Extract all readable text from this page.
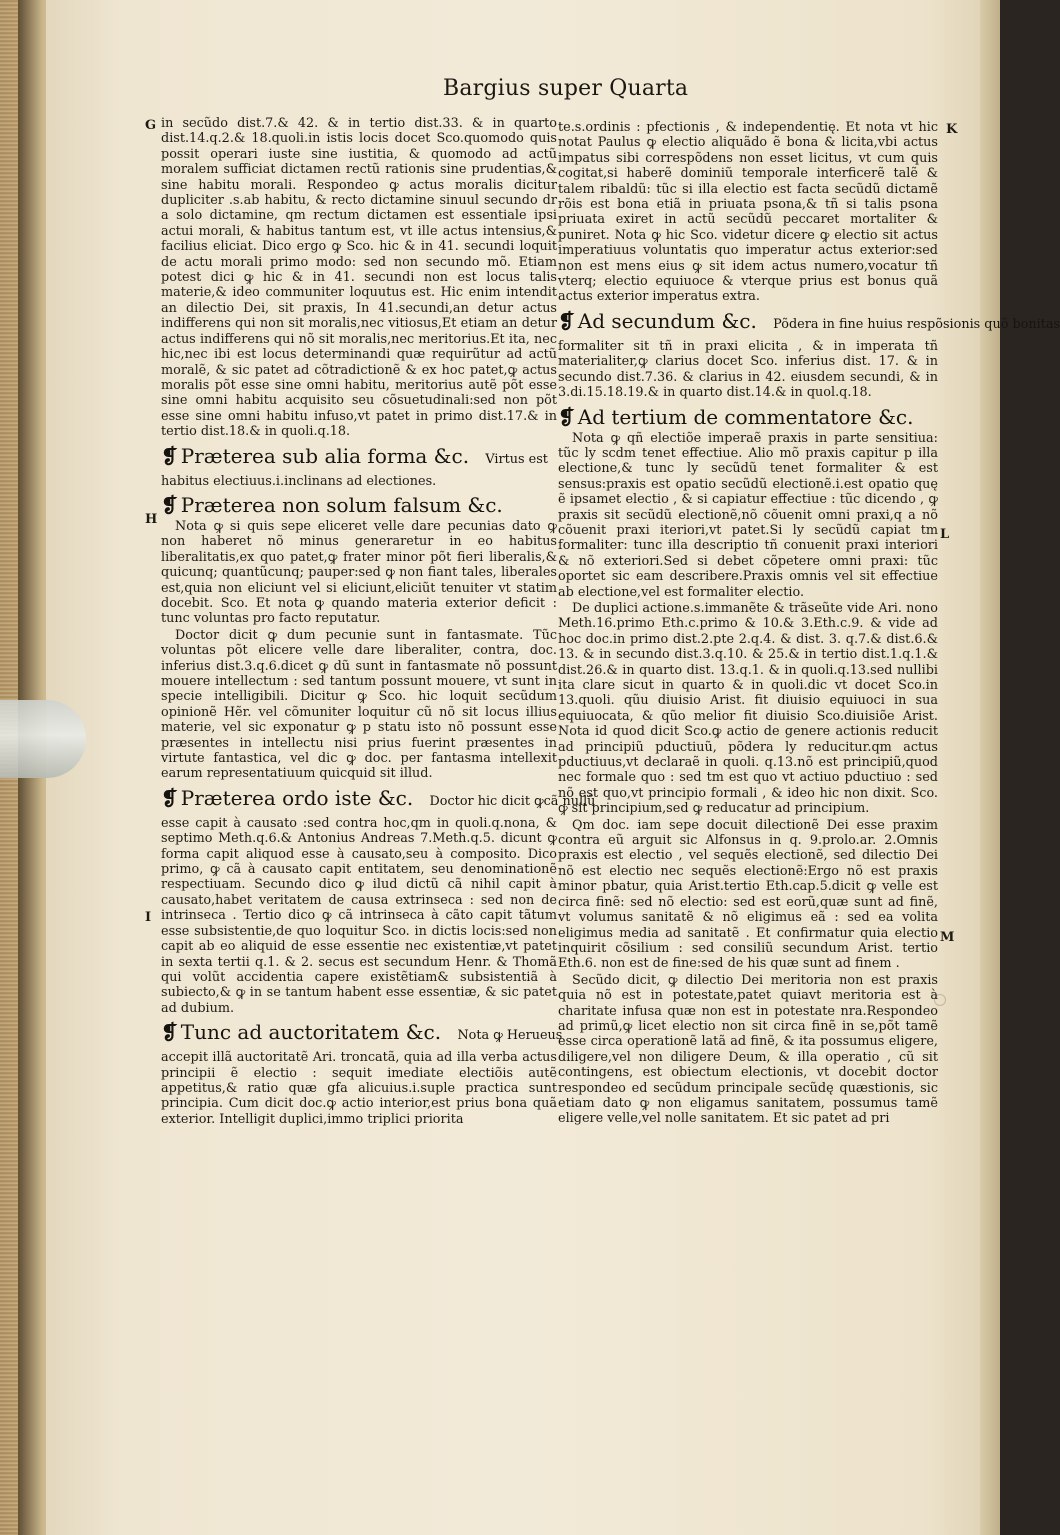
Bargius super Quarta
G
H
I
K
L
M

in secũdo dist.7.& 42. & in tertio dist.33. & in quarto dist.14.q.2.& 18.quoli.in istis locis docet Sco.quomodo quis possit operari iuste sine iustitia, & quomodo ad actũ moralem sufficiat dictamen rectũ rationis sine prudentias,& sine habitu morali. Respondeo ꝙ actus moralis dicitur dupliciter .s.ab habitu, & recto dictamine sinuul secundo dr a solo dictamine, qm rectum dictamen est essentiale ipsi actui morali, & habitus tantum est, vt ille actus intensius,& facilius eliciat. Dico ergo ꝙ Sco. hic & in 41. secundi loquit de actu morali primo modo: sed non secundo mõ. Etiam potest dici ꝙ hic & in 41. secundi non est locus talis materie,& ideo communiter loquutus est. Hic enim intendit an dilectio Dei, sit praxis, In 41.secundi,an detur actus indifferens qui non sit moralis,nec vitiosus,Et etiam an detur actus indifferens qui nõ sit moralis,nec meritorius.Et ita, nec hic,nec ibi est locus determinandi quæ requirũtur ad actũ moralẽ, & sic patet ad cõtradictionẽ & ex hoc patet,ꝙ actus moralis põt esse sine omni habitu, meritorius autẽ põt esse sine omni habitu acquisito seu cõsuetudinali:sed non põt esse sine omni habitu infuso,vt patet in primo dist.17.& in tertio dist.18.& in quoli.q.18.

❡ Præterea sub alia forma &c. Virtus est

habitus electiuus.i.inclinans ad electiones.

❡ Præterea non solum falsum &c.

Nota ꝙ si quis sepe eliceret velle dare pecunias dato ꝙ non haberet nõ minus generaretur in eo habitus liberalitatis,ex quo patet,ꝙ frater minor põt fieri liberalis,& quicunq; quantũcunq; pauper:sed ꝙ non fiant tales, liberales est,quia non eliciunt vel si eliciunt,eliciũt tenuiter vt statim docebit. Sco. Et nota ꝙ quando materia exterior deficit : tunc voluntas pro facto reputatur.

Doctor dicit ꝙ dum pecunie sunt in fantasmate. Tũc voluntas põt elicere velle dare liberaliter, contra, doc. inferius dist.3.q.6.dicet ꝙ dũ sunt in fantasmate nõ possunt mouere intellectum : sed tantum possunt mouere, vt sunt in specie intelligibili. Dicitur ꝙ Sco. hic loquit secũdum opinionẽ Hẽr. vel cõmuniter loquitur cũ nõ sit locus illius materie, vel sic exponatur ꝙ p statu isto nõ possunt esse præsentes in intellectu nisi prius fuerint præsentes in virtute fantastica, vel dic ꝙ doc. per fantasma intellexit earum representatiuum quicquid sit illud.

❡ Præterea ordo iste &c. Doctor hic dicit ꝙcã nullũ

esse capit à causato :sed contra hoc,qm in quoli.q.nona, & septimo Meth.q.6.& Antonius Andreas 7.Meth.q.5. dicunt ꝙ forma capit aliquod esse à causato,seu à composito. Dico primo, ꝙ cã à causato capit entitatem, seu denominationẽ respectiuam. Secundo dico ꝙ ilud dictũ cã nihil capit à causato,habet veritatem de causa extrinseca : sed non de intrinseca . Tertio dico ꝙ cã intrinseca à cãto capit tãtum esse subsistentie,de quo loquitur Sco. in dictis locis:sed non capit ab eo aliquid de esse essentie nec existentiæ,vt patet in sexta tertii q.1. & 2. secus est secundum Henr. & Thomã qui volũt accidentia capere existẽtiam& subsistentiã à subiecto,& ꝙ in se tantum habent esse essentiæ, & sic patet ad dubium.

❡ Tunc ad auctoritatem &c. Nota ꝙ Herueus

accepit illã auctoritatẽ Ari. troncatã, quia ad illa verba actus principii ẽ electio : sequit imediate electiõis autẽ appetitus,& ratio quæ gfa alicuius.i.suple practica sunt principia. Cum dicit doc.ꝙ actio interior,est prius bona quã exterior. Intelligit duplici,immo triplici priorita

te.s.ordinis : pfectionis , & independentię. Et nota vt hic notat Paulus ꝙ electio aliquãdo ẽ bona & licita,vbi actus impatus sibi correspõdens non esset licitus, vt cum quis cogitat,si haberẽ dominiũ temporale interficerẽ talẽ & talem ribaldũ: tũc si illa electio est facta secũdũ dictamẽ rõis est bona etiã in priuata psona,& tñ si talis psona priuata exiret in actũ secũdũ peccaret mortaliter & puniret. Nota ꝙ hic Sco. videtur dicere ꝙ electio sit actus imperatiuus voluntatis quo imperatur actus exterior:sed non est mens eius ꝙ sit idem actus numero,vocatur tñ vterq; electio equiuoce & vterque prius est bonus quã actus exterior imperatus extra.

❡ Ad secundum &c. Põdera in fine huius respõsionis quõ bonitas

formaliter sit tñ in praxi elicita , & in imperata tñ materialiter,ꝙ clarius docet Sco. inferius dist. 17. & in secundo dist.7.36. & clarius in 42. eiusdem secundi, & in 3.di.15.18.19.& in quarto dist.14.& in quol.q.18.

❡ Ad tertium de commentatore &c.

Nota ꝙ qñ electiõe imperaẽ praxis in parte sensitiua: tũc ly scdm tenet effectiue. Alio mõ praxis capitur p illa electione,& tunc ly secũdũ tenet formaliter & est sensus:praxis est opatio secũdũ electionẽ.i.est opatio quę ẽ ipsamet electio , & si capiatur effectiue : tũc dicendo , ꝙ praxis sit secũdũ electionẽ,nõ cõuenit omni praxi,q a nõ cõuenit praxi iteriori,vt patet.Si ly secũdũ capiat tm formaliter: tunc illa descriptio tñ conuenit praxi interiori & nõ exteriori.Sed si debet cõpetere omni praxi: tũc oportet sic eam describere.Praxis omnis vel sit effectiue ab electione,vel est formaliter electio.

De duplici actione.s.immanẽte & trãseũte vide Ari. nono Meth.16.primo Eth.c.primo & 10.& 3.Eth.c.9. & vide ad hoc doc.in primo dist.2.pte 2.q.4. & dist. 3. q.7.& dist.6.& 13. & in secundo dist.3.q.10. & 25.& in tertio dist.1.q.1.& dist.26.& in quarto dist. 13.q.1. & in quoli.q.13.sed nullibi ita clare sicut in quarto & in quoli.dic vt docet Sco.in 13.quoli. qũu diuisio Arist. fit diuisio equiuoci in sua equiuocata, & qũo melior fit diuisio Sco.diuisiõe Arist. Nota id quod dicit Sco.ꝙ actio de genere actionis reducit ad principiũ pductiuũ, põdera ly reducitur.qm actus pductiuus,vt declaraẽ in quoli. q.13.nõ est principiũ,quod nec formale quo : sed tm est quo vt actiuo pductiuo : sed nõ est quo,vt principio formali , & ideo hic non dixit. Sco. ꝙ sit principium,sed ꝙ reducatur ad principium.

Qm doc. iam sepe docuit dilectionẽ Dei esse praxim contra eũ arguit sic Alfonsus in q. 9.prolo.ar. 2.Omnis praxis est electio , vel sequẽs electionẽ, sed dilectio Dei nõ est electio nec sequẽs electionẽ:Ergo nõ est praxis minor pbatur, quia Arist.tertio Eth.cap.5.dicit ꝙ velle est circa finẽ: sed nõ electio: sed est eorũ,quæ sunt ad finẽ, vt volumus sanitatẽ & nõ eligimus eã : sed ea volita eligimus media ad sanitatẽ . Et confirmatur quia electio inquirit cõsilium : sed consiliũ secundum Arist. tertio Eth.6. non est de fine:sed de his quæ sunt ad finem .

Secũdo dicit, ꝙ dilectio Dei meritoria non est praxis quia nõ est in potestate,patet quiavt meritoria est à charitate infusa quæ non est in potestate nra.Respondeo ad primũ,ꝙ licet electio non sit circa finẽ in se,põt tamẽ esse circa operationẽ latã ad finẽ, & ita possumus eligere, diligere,vel non diligere Deum, & illa operatio , cũ sit contingens, est obiectum electionis, vt docebit doctor respondeo ed secũdum principale secũdę quæstionis, sic etiam dato ꝙ non eligamus sanitatem, possumus tamẽ eligere velle,vel nolle sanitatem. Et sic patet ad pri
